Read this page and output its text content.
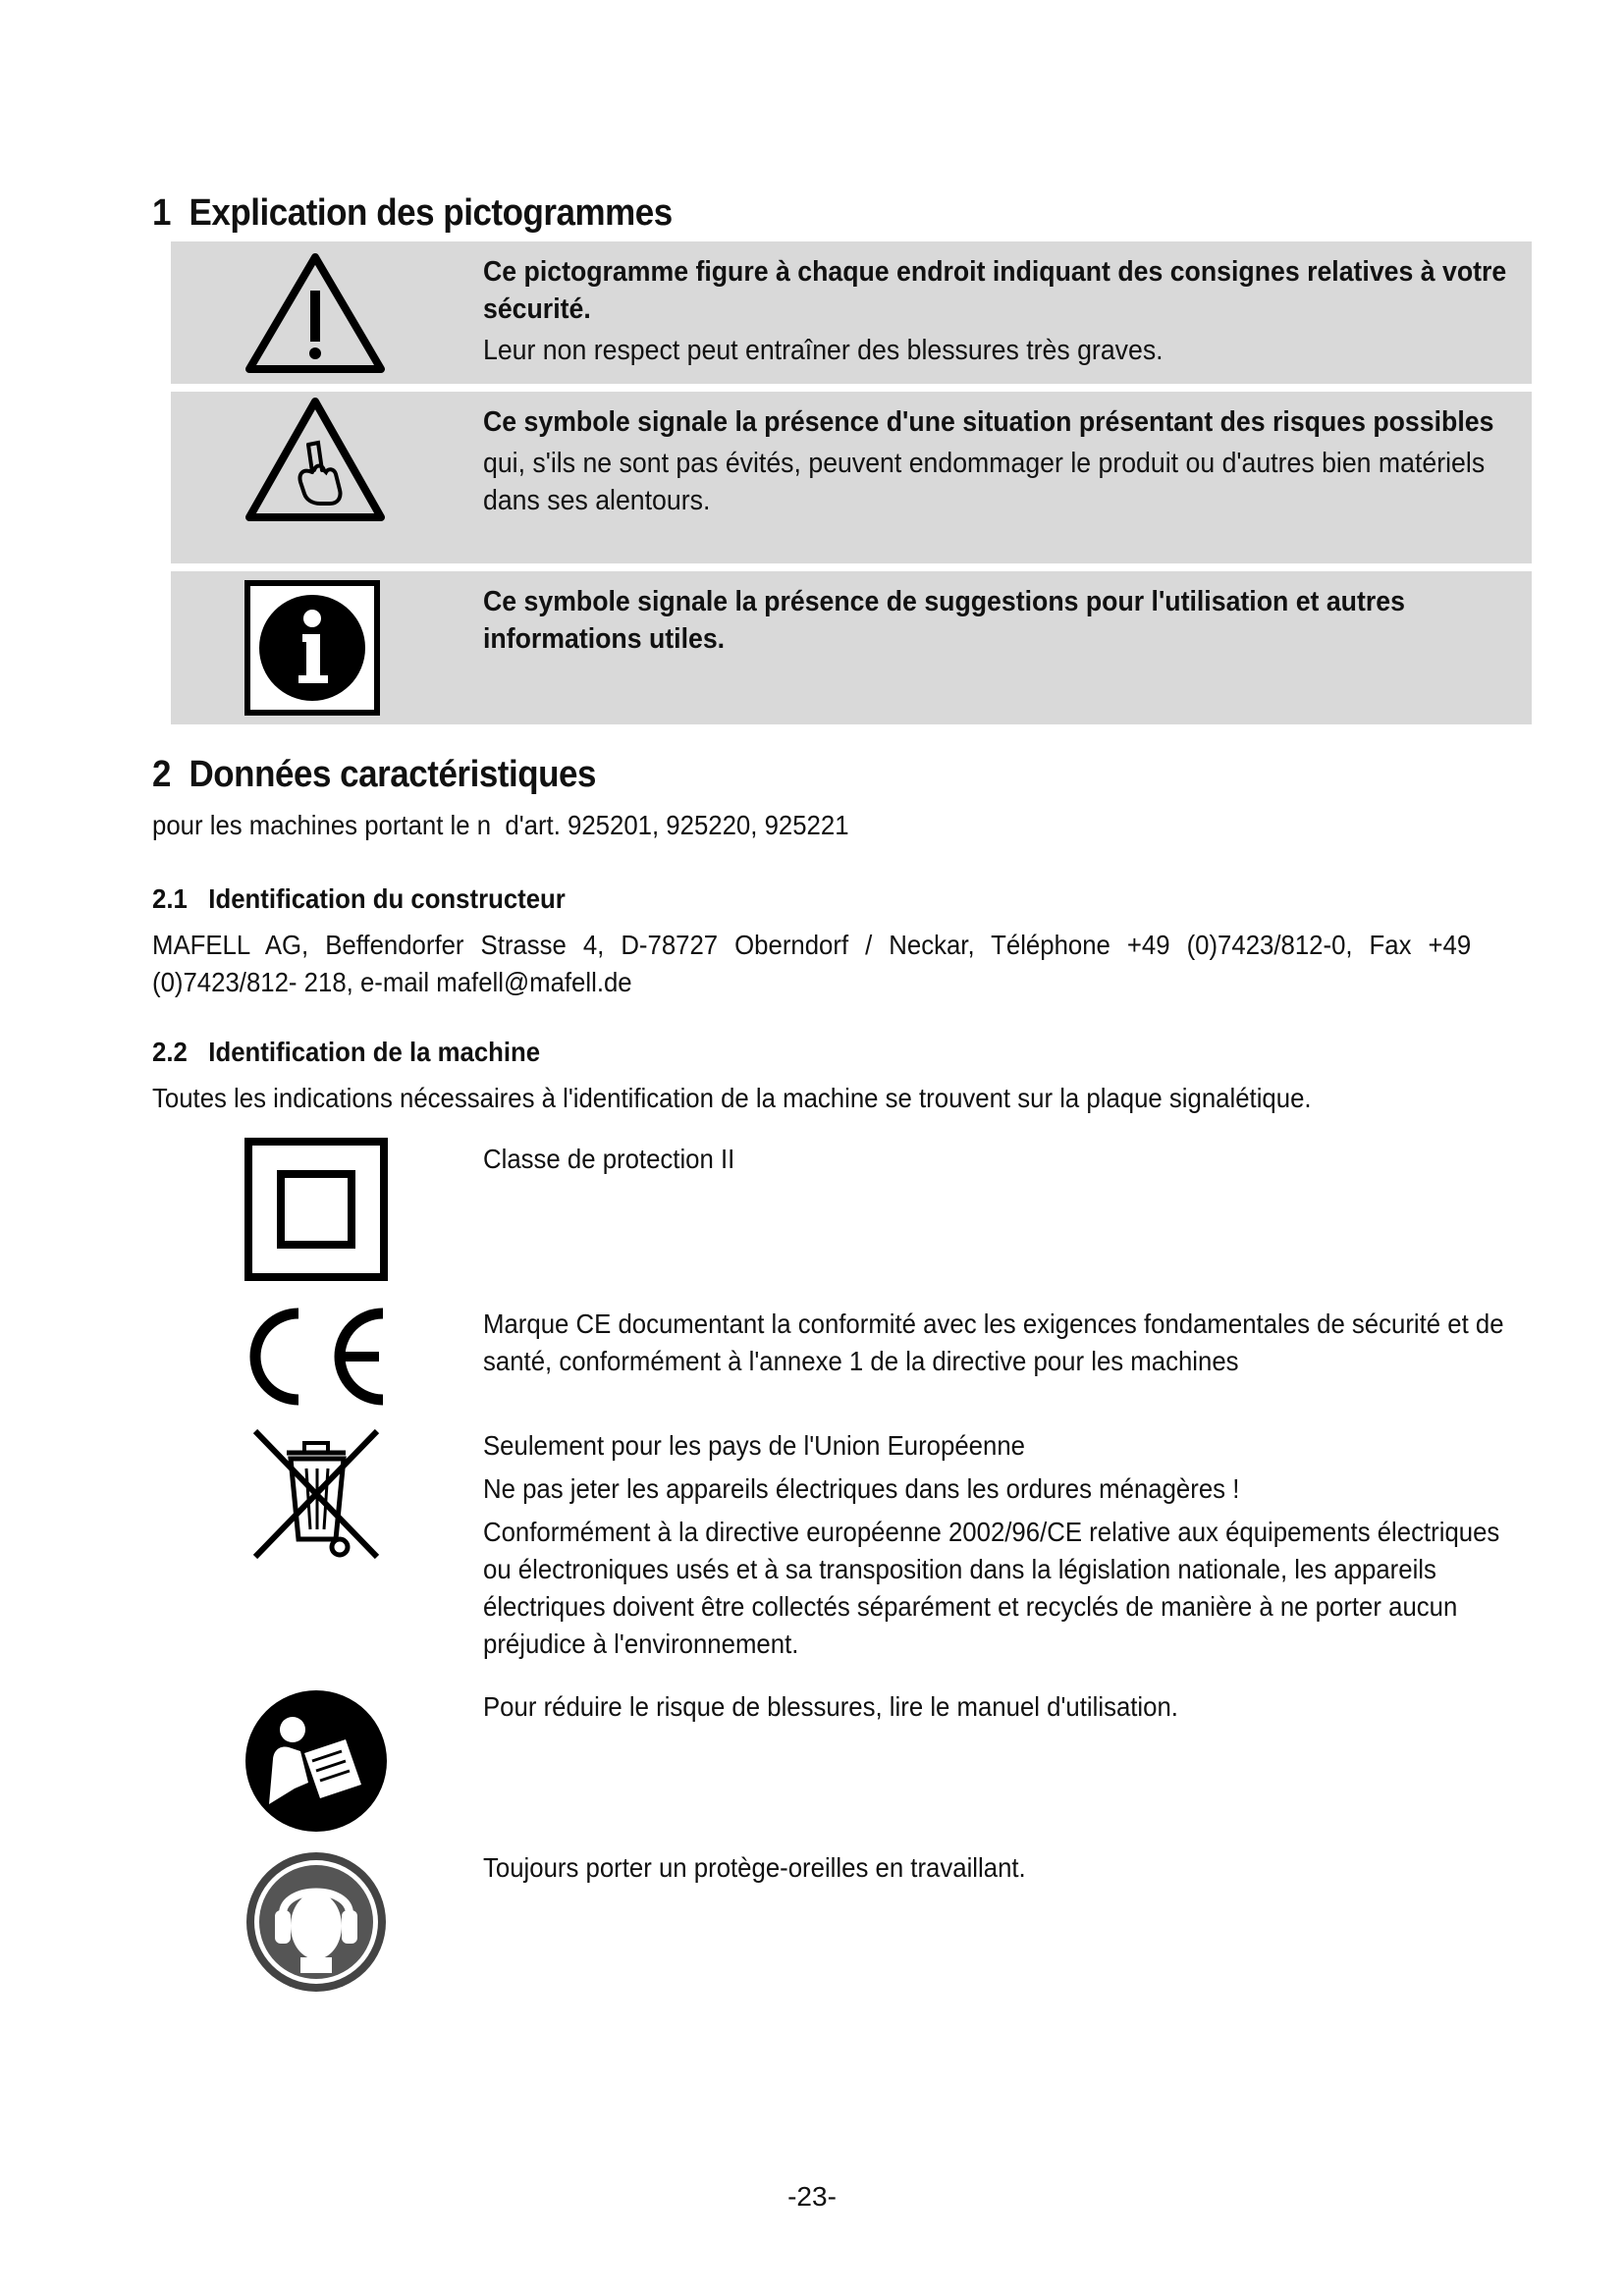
1 Explication des pictogrammes

Ce pictogramme figure à chaque endroit indiquant des consignes relatives à votre sécurité.

Leur non respect peut entraîner des blessures très graves.

Ce symbole signale la présence d'une situation présentant des risques possibles

qui, s'ils ne sont pas évités, peuvent endommager le produit ou d'autres bien matériels dans ses alentours.

Ce symbole signale la présence de suggestions pour l'utilisation et autres informations utiles.

2 Données caractéristiques

pour les machines portant le n  d'art. 925201, 925220, 925221

2.1 Identification du constructeur

MAFELL AG, Beffendorfer Strasse 4, D-78727 Oberndorf / Neckar, Téléphone +49 (0)7423/812-0, Fax +49 (0)7423/812- 218, e-mail mafell@mafell.de

2.2 Identification de la machine

Toutes les indications nécessaires à l'identification de la machine se trouvent sur la plaque signalétique.

Classe de protection II

Marque CE documentant la conformité avec les exigences fondamentales de sécurité et de santé, conformément à l'annexe 1 de la directive pour les machines

Seulement pour les pays de l'Union Européenne

Ne pas jeter les appareils électriques dans les ordures ménagères !

Conformément à la directive européenne 2002/96/CE relative aux équipements électriques ou électroniques usés et à sa transposition dans la législation nationale, les appareils électriques doivent être collectés séparément et recyclés de manière à ne porter aucun préjudice à l'environnement.

Pour réduire le risque de blessures, lire le manuel d'utilisation.

Toujours porter un protège-oreilles en travaillant.

-23-
